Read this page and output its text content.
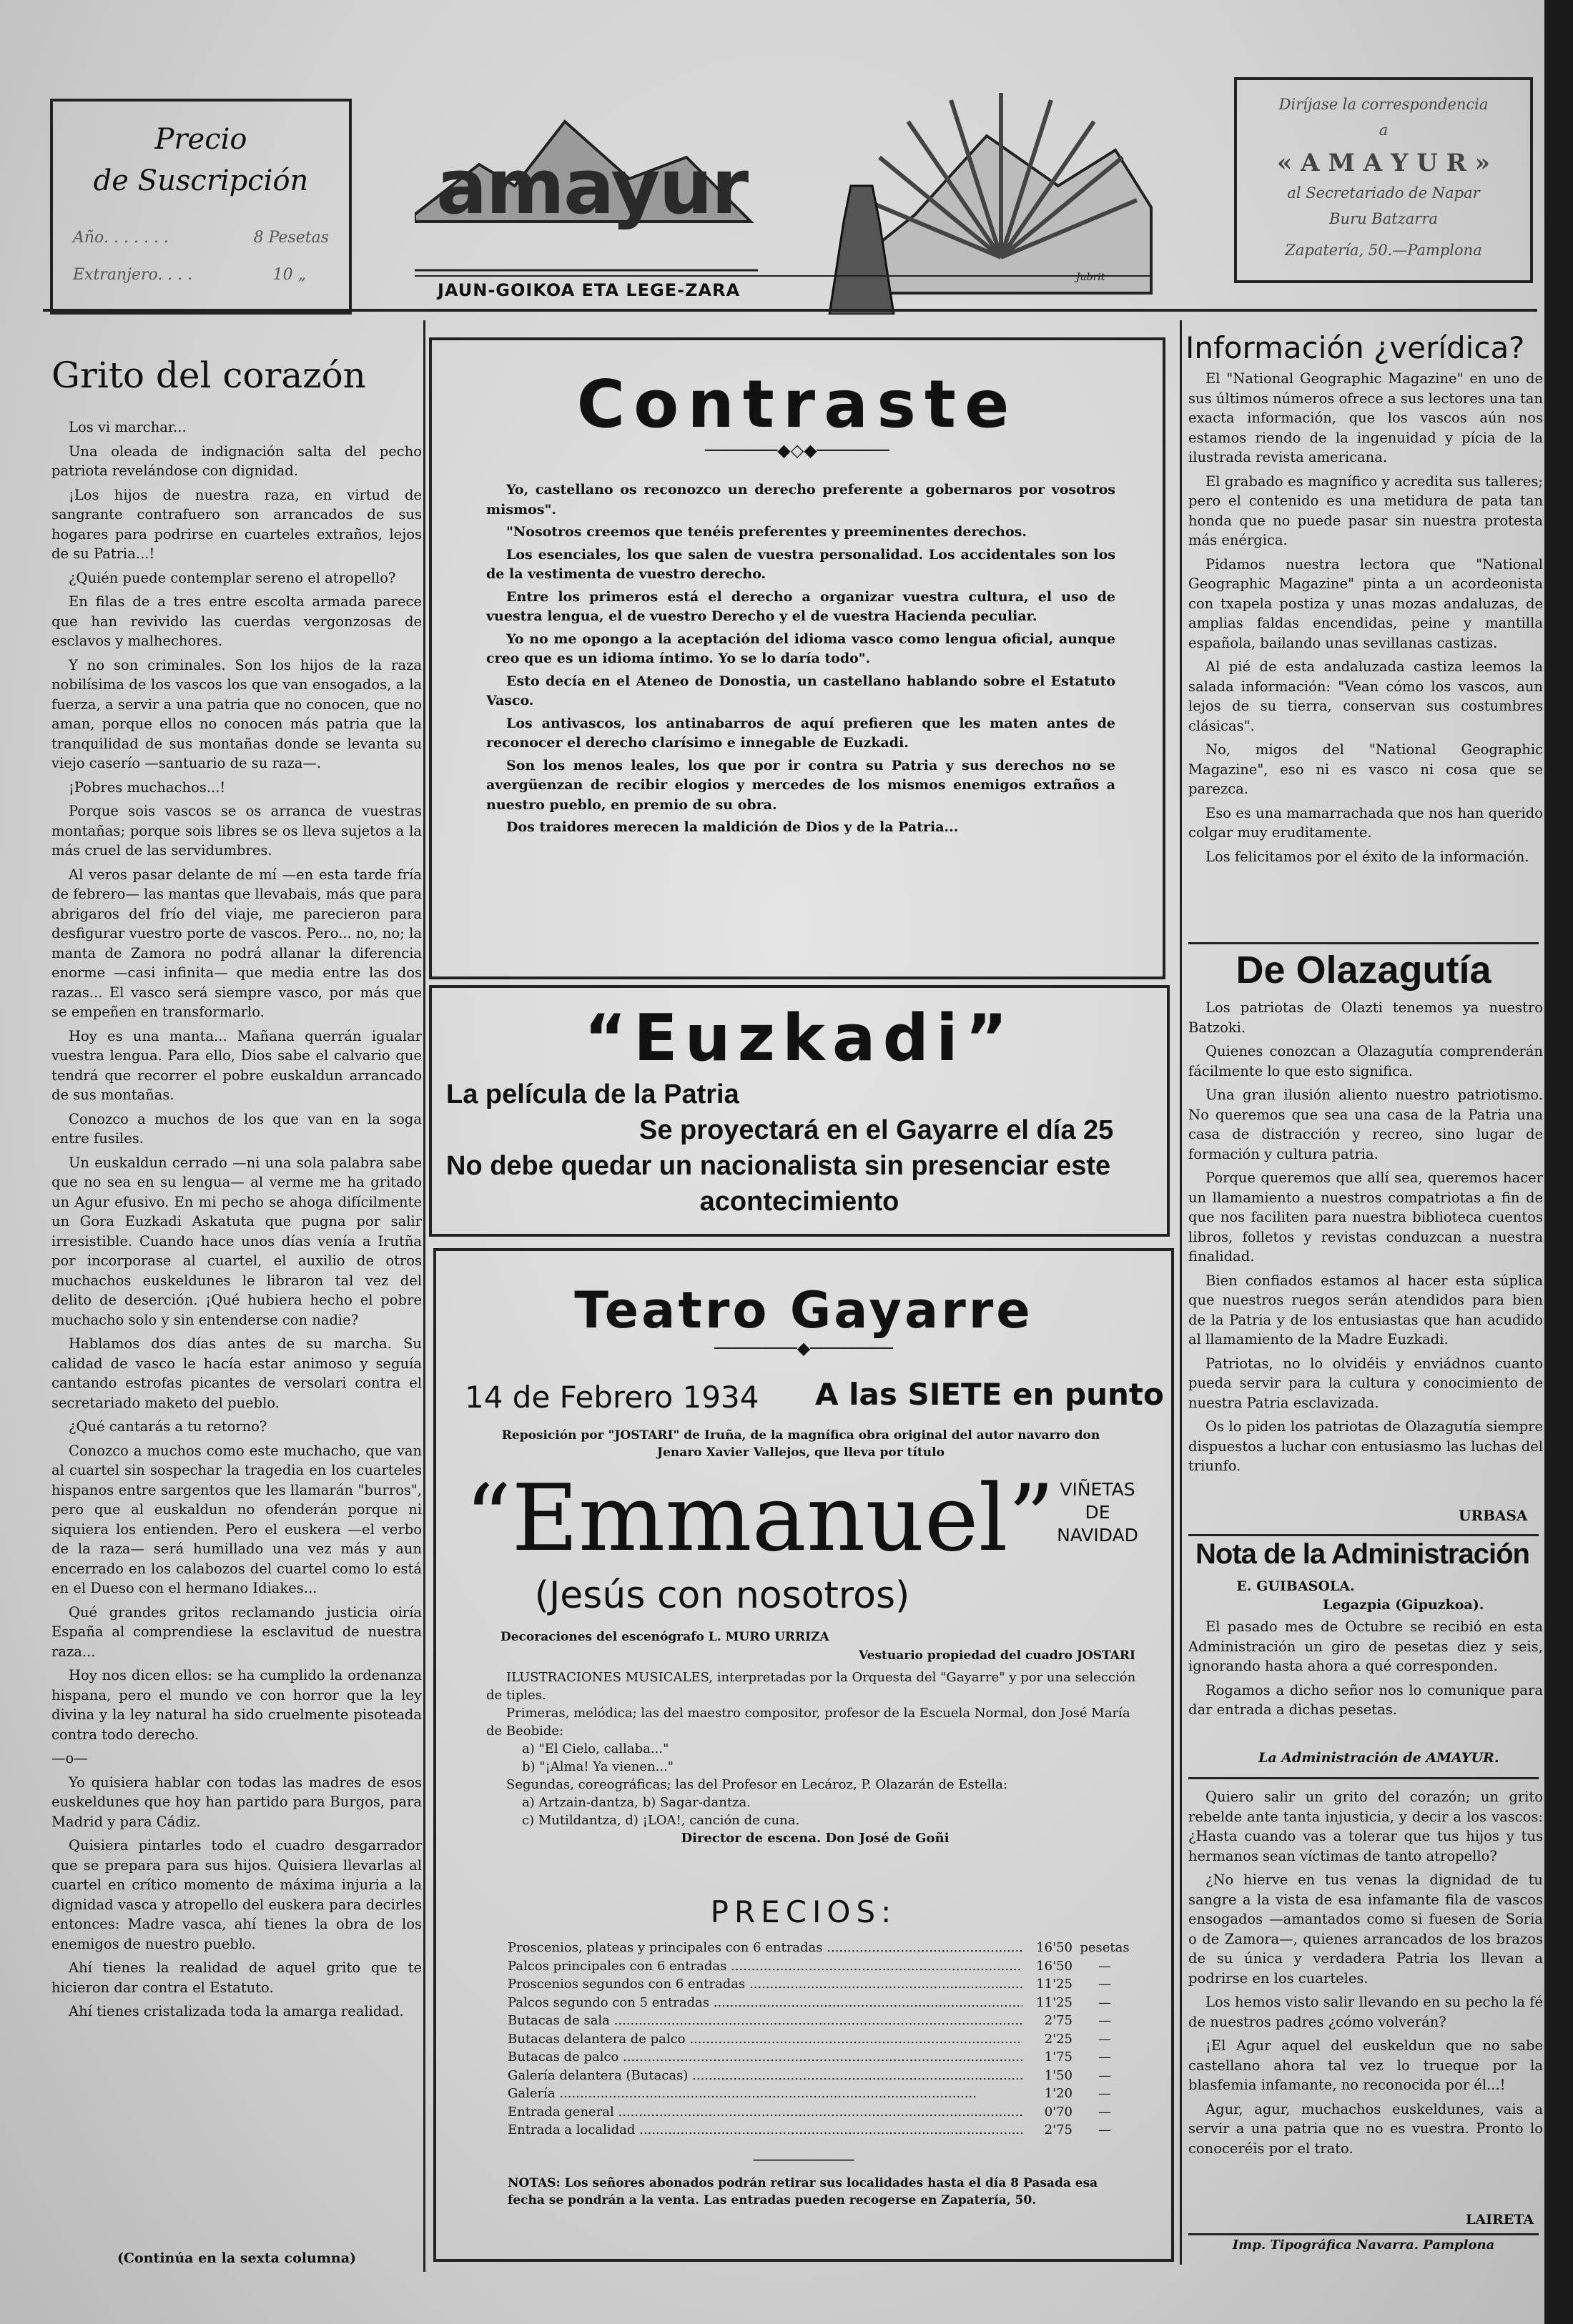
Precio
de Suscripción
Año. . . . . . .	8 Pesetas
Extranjero. . . .	10 „
amayur
JAUN-GOIKOA ETA LEGE-ZARA
Jubrit
Diríjase la correspondencia
a
« A M A Y U R »
al Secretariado de Napar
Buru Batzarra
Zapatería, 50.—Pamplona
Grito del corazón

Los vi marchar...

Una oleada de indignación salta del pecho patriota revelándose con dignidad.

¡Los hijos de nuestra raza, en virtud de sangrante contrafuero son arrancados de sus hogares para podrirse en cuarteles extraños, lejos de su Patria...!

¿Quién puede contemplar sereno el atropello?

En filas de a tres entre escolta armada parece que han revivido las cuerdas vergonzosas de esclavos y malhechores.

Y no son criminales. Son los hijos de la raza nobilísima de los vascos los que van ensogados, a la fuerza, a servir a una patria que no conocen, que no aman, porque ellos no conocen más patria que la tranquilidad de sus montañas donde se levanta su viejo caserío —santuario de su raza—.

¡Pobres muchachos...!

Porque sois vascos se os arranca de vuestras montañas; porque sois libres se os lleva sujetos a la más cruel de las servidumbres.

Al veros pasar delante de mí —en esta tarde fría de febrero— las mantas que llevabais, más que para abrigaros del frío del viaje, me parecieron para desfigurar vuestro porte de vascos. Pero... no, no; la manta de Zamora no podrá allanar la diferencia enorme —casi infinita— que media entre las dos razas... El vasco será siempre vasco, por más que se empeñen en transformarlo.

Hoy es una manta... Mañana querrán igualar vuestra lengua. Para ello, Dios sabe el calvario que tendrá que recorrer el pobre euskaldun arrancado de sus montañas.

Conozco a muchos de los que van en la soga entre fusiles.

Un euskaldun cerrado —ni una sola palabra sabe que no sea en su lengua— al verme me ha gritado un Agur efusivo. En mi pecho se ahoga difícilmente un Gora Euzkadi Askatuta que pugna por salir irresistible. Cuando hace unos días venía a Irutña por incorporase al cuartel, el auxilio de otros muchachos euskeldunes le libraron tal vez del delito de deserción. ¡Qué hubiera hecho el pobre muchacho solo y sin entenderse con nadie?

Hablamos dos días antes de su marcha. Su calidad de vasco le hacía estar animoso y seguía cantando estrofas picantes de versolari contra el secretariado maketo del pueblo.

¿Qué cantarás a tu retorno?

Conozco a muchos como este muchacho, que van al cuartel sin sospechar la tragedia en los cuarteles hispanos entre sargentos que les llamarán "burros", pero que al euskaldun no ofenderán porque ni siquiera los entienden. Pero el euskera —el verbo de la raza— será humillado una vez más y aun encerrado en los calabozos del cuartel como lo está en el Dueso con el hermano Idiakes...

Qué grandes gritos reclamando justicia oiría España al comprendiese la esclavitud de nuestra raza...

Hoy nos dicen ellos: se ha cumplido la ordenanza hispana, pero el mundo ve con horror que la ley divina y la ley natural ha sido cruelmente pisoteada contra todo derecho.

—o—

Yo quisiera hablar con todas las madres de esos euskeldunes que hoy han partido para Burgos, para Madrid y para Cádiz.

Quisiera pintarles todo el cuadro desgarrador que se prepara para sus hijos. Quisiera llevarlas al cuartel en crítico momento de máxima injuria a la dignidad vasca y atropello del euskera para decirles entonces: Madre vasca, ahí tienes la obra de los enemigos de nuestro pueblo.

Ahí tienes la realidad de aquel grito que te hicieron dar contra el Estatuto.

Ahí tienes cristalizada toda la amarga realidad.

(Continúa en la sexta columna)
Contraste
───────◆◇◆───────

Yo, castellano os reconozco un derecho preferente a gobernaros por vosotros mismos".

"Nosotros creemos que tenéis preferentes y preeminentes derechos.

Los esenciales, los que salen de vuestra personalidad. Los accidentales son los de la vestimenta de vuestro derecho.

Entre los primeros está el derecho a organizar vuestra cultura, el uso de vuestra lengua, el de vuestro Derecho y el de vuestra Hacienda peculiar.

Yo no me opongo a la aceptación del idioma vasco como lengua oficial, aunque creo que es un idioma íntimo. Yo se lo daría todo".

Esto decía en el Ateneo de Donostia, un castellano hablando sobre el Estatuto Vasco.

Los antivascos, los antinabarros de aquí prefieren que les maten antes de reconocer el derecho clarísimo e innegable de Euzkadi.

Son los menos leales, los que por ir contra su Patria y sus derechos no se avergüenzan de recibir elogios y mercedes de los mismos enemigos extraños a nuestro pueblo, en premio de su obra.

Dos traidores merecen la maldición de Dios y de la Patria...

“Euzkadi”
La película de la Patria
Se proyectará en el Gayarre el día 25
No debe quedar un nacionalista sin presenciar este
acontecimiento
Teatro Gayarre
────────◆────────
14 de Febrero 1934 A las SIETE en punto
Reposición por "JOSTARI" de Iruña, de la magnífica obra original del autor navarro don Jenaro Xavier Vallejos, que lleva por título
“Emmanuel” VIÑETAS
DE
NAVIDAD
(Jesús con nosotros)
Decoraciones del escenógrafo L. MURO URRIZA
Vestuario propiedad del cuadro JOSTARI
ILUSTRACIONES MUSICALES, interpretadas por la Orquesta del "Gayarre" y por una selección de tiples.
Primeras, melódica; las del maestro compositor, profesor de la Escuela Normal, don José María de Beobide:
a) "El Cielo, callaba..."
b) "¡Alma! Ya vienen..."
Segundas, coreográficas; las del Profesor en Lecároz, P. Olazarán de Estella:
a) Artzain-dantza, b) Sagar-dantza.
c) Mutildantza, d) ¡LOA!, canción de cuna.
Director de escena. Don José de Goñi
PRECIOS:
Proscenios, plateas y principales con 6 entradas .....	16'50 pesetas
Palcos principales con 6 entradas .....	16'50	—
Proscenios segundos con 6 entradas .....	11'25	—
Palcos segundo con 5 entradas .....	11'25	—
Butacas de sala .....	2'75	—
Butacas delantera de palco .....	2'25	—
Butacas de palco .....	1'75	—
Galería delantera (Butacas) .....	1'50	—
Galería .....	1'20	—
Entrada general .....	0'70	—
Entrada a localidad .....	2'75	—
─────────────
NOTAS: Los señores abonados podrán retirar sus localidades hasta el día 8 Pasada esa fecha se pondrán a la venta. Las entradas pueden recogerse en Zapatería, 50.
Información ¿verídica?

El "National Geographic Magazine" en uno de sus últimos números ofrece a sus lectores una tan exacta información, que los vascos aún nos estamos riendo de la ingenuidad y pícia de la ilustrada revista americana.

El grabado es magnífico y acredita sus talleres; pero el contenido es una metidura de pata tan honda que no puede pasar sin nuestra protesta más enérgica.

Pidamos nuestra lectora que "National Geographic Magazine" pinta a un acordeonista con txapela postiza y unas mozas andaluzas, de amplias faldas encendidas, peine y mantilla española, bailando unas sevillanas castizas.

Al pié de esta andaluzada castiza leemos la salada información: "Vean cómo los vascos, aun lejos de su tierra, conservan sus costumbres clásicas".

No, migos del "National Geographic Magazine", eso ni es vasco ni cosa que se parezca.

Eso es una mamarrachada que nos han querido colgar muy eruditamente.

Los felicitamos por el éxito de la información.

De Olazagutía

Los patriotas de Olazti tenemos ya nuestro Batzoki.

Quienes conozcan a Olazagutía comprenderán fácilmente lo que esto significa.

Una gran ilusión aliento nuestro patriotismo. No queremos que sea una casa de la Patria una casa de distracción y recreo, sino lugar de formación y cultura patria.

Porque queremos que allí sea, queremos hacer un llamamiento a nuestros compatriotas a fin de que nos faciliten para nuestra biblioteca cuentos libros, folletos y revistas conduzcan a nuestra finalidad.

Bien confiados estamos al hacer esta súplica que nuestros ruegos serán atendidos para bien de la Patria y de los entusiastas que han acudido al llamamiento de la Madre Euzkadi.

Patriotas, no lo olvidéis y enviádnos cuanto pueda servir para la cultura y conocimiento de nuestra Patria esclavizada.

Os lo piden los patriotas de Olazagutía siempre dispuestos a luchar con entusiasmo las luchas del triunfo.

URBASA
Nota de la Administración
E. GUIBASOLA.
Legazpia (Gipuzkoa).

El pasado mes de Octubre se recibió en esta Administración un giro de pesetas diez y seis, ignorando hasta ahora a qué corresponden.

Rogamos a dicho señor nos lo comunique para dar entrada a dichas pesetas.

La Administración de AMAYUR.

Quiero salir un grito del corazón; un grito rebelde ante tanta injusticia, y decir a los vascos: ¿Hasta cuando vas a tolerar que tus hijos y tus hermanos sean víctimas de tanto atropello?

¿No hierve en tus venas la dignidad de tu sangre a la vista de esa infamante fila de vascos ensogados —amantados como si fuesen de Soria o de Zamora—, quienes arrancados de los brazos de su única y verdadera Patria los llevan a podrirse en los cuarteles.

Los hemos visto salir llevando en su pecho la fé de nuestros padres ¿cómo volverán?

¡El Agur aquel del euskeldun que no sabe castellano ahora tal vez lo trueque por la blasfemia infamante, no reconocida por él...!

Agur, agur, muchachos euskeldunes, vais a servir a una patria que no es vuestra. Pronto lo conoceréis por el trato.

LAIRETA
Imp. Tipográfica Navarra. Pamplona
